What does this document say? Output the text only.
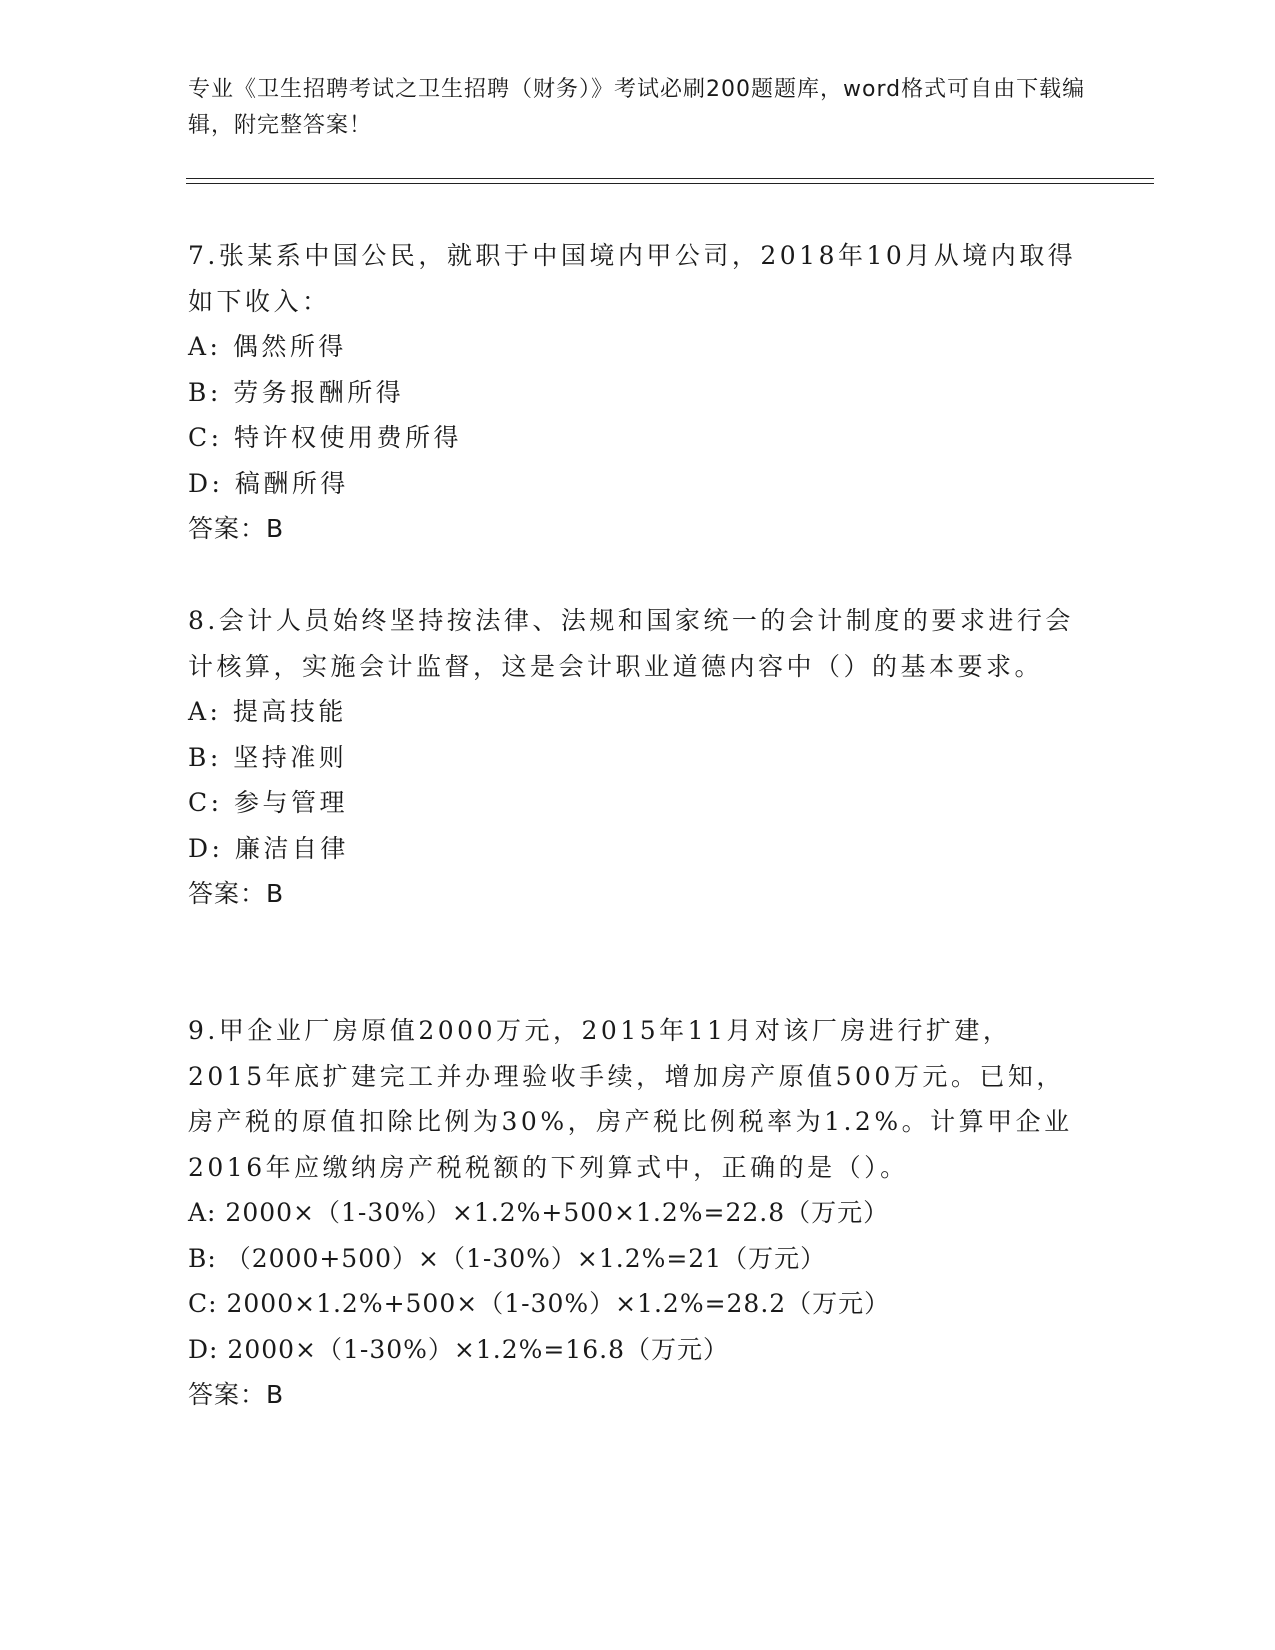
专业《卫生招聘考试之卫生招聘（财务）》考试必刷200题题库，word格式可自由下载编辑，附完整答案！
7.张某系中国公民，就职于中国境内甲公司，2018年10月从境内取得如下收入：
A: 偶然所得
B: 劳务报酬所得
C: 特许权使用费所得
D: 稿酬所得
答案：B
8.会计人员始终坚持按法律、法规和国家统一的会计制度的要求进行会计核算，实施会计监督，这是会计职业道德内容中（）的基本要求。
A: 提高技能
B: 坚持准则
C: 参与管理
D: 廉洁自律
答案：B
9.甲企业厂房原值2000万元，2015年11月对该厂房进行扩建，2015年底扩建完工并办理验收手续，增加房产原值500万元。已知，房产税的原值扣除比例为30%，房产税比例税率为1.2%。计算甲企业2016年应缴纳房产税税额的下列算式中，正确的是（）。
A: 2000×（1-30%）×1.2%+500×1.2%=22.8（万元）
B: （2000+500）×（1-30%）×1.2%=21（万元）
C: 2000×1.2%+500×（1-30%）×1.2%=28.2（万元）
D: 2000×（1-30%）×1.2%=16.8（万元）
答案：B
